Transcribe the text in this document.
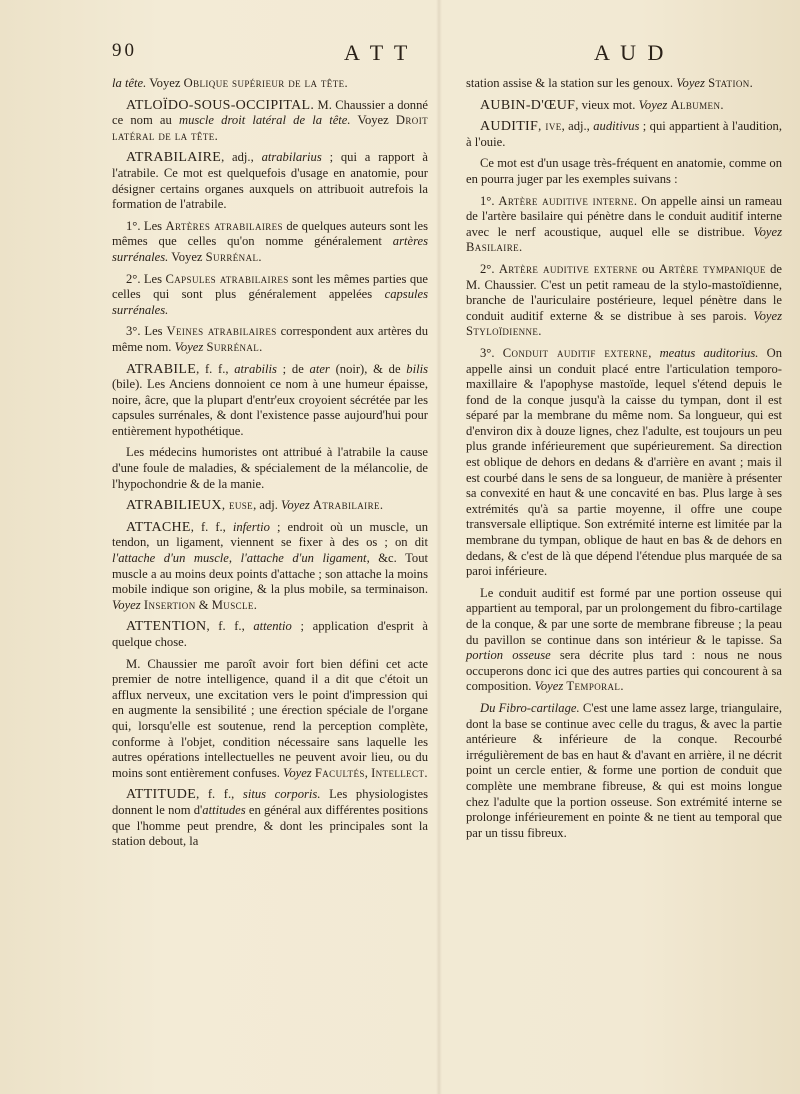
90	A T T	A U D

la tête. Voyez Oblique supérieur de la tête.

ATLOÏDO-SOUS-OCCIPITAL. M. Chaussier a donné ce nom au muscle droit latéral de la tête. Voyez Droit latéral de la tête.

ATRABILAIRE, adj., atrabilarius ; qui a rapport à l'atrabile. Ce mot est quelquefois d'usage en anatomie, pour désigner certains organes auxquels on attribuoit autrefois la formation de l'atrabile.

1°. Les Artères atrabilaires de quelques auteurs sont les mêmes que celles qu'on nomme généralement artères surrénales. Voyez Surrénal.

2°. Les Capsules atrabilaires sont les mêmes parties que celles qui sont plus généralement appelées capsules surrénales.

3°. Les Veines atrabilaires correspondent aux artères du même nom. Voyez Surrénal.

ATRABILE, f. f., atrabilis ; de ater (noir), & de bilis (bile). Les Anciens donnoient ce nom à une humeur épaisse, noire, âcre, que la plupart d'entr'eux croyoient sécrétée par les capsules surrénales, & dont l'existence passe aujourd'hui pour entièrement hypothétique.

Les médecins humoristes ont attribué à l'atrabile la cause d'une foule de maladies, & spécialement de la mélancolie, de l'hypochondrie & de la manie.

ATRABILIEUX, euse, adj. Voyez Atrabilaire.

ATTACHE, f. f., infertio ; endroit où un muscle, un tendon, un ligament, viennent se fixer à des os ; on dit l'attache d'un muscle, l'attache d'un ligament, &c. Tout muscle a au moins deux points d'attache ; son attache la moins mobile indique son origine, & la plus mobile, sa terminaison. Voyez Insertion & Muscle.

ATTENTION, f. f., attentio ; application d'esprit à quelque chose.

M. Chaussier me paroît avoir fort bien défini cet acte premier de notre intelligence, quand il a dit que c'étoit un afflux nerveux, une excitation vers le point d'impression qui en augmente la sensibilité ; une érection spéciale de l'organe qui, lorsqu'elle est soutenue, rend la perception complète, conforme à l'objet, condition nécessaire sans laquelle les autres opérations intellectuelles ne peuvent avoir lieu, ou du moins sont entièrement confuses. Voyez Facultés, Intellect.

ATTITUDE, f. f., situs corporis. Les physiologistes donnent le nom d'attitudes en général aux différentes positions que l'homme peut prendre, & dont les principales sont la station debout, la

station assise & la station sur les genoux. Voyez Station.

AUBIN-D'ŒUF, vieux mot. Voyez Albumen.

AUDITIF, ive, adj., auditivus ; qui appartient à l'audition, à l'ouie.

Ce mot est d'un usage très-fréquent en anatomie, comme on en pourra juger par les exemples suivans :

1°. Artère auditive interne. On appelle ainsi un rameau de l'artère basilaire qui pénètre dans le conduit auditif interne avec le nerf acoustique, auquel elle se distribue. Voyez Basilaire.

2°. Artère auditive externe ou Artère tympanique de M. Chaussier. C'est un petit rameau de la stylo-mastoïdienne, branche de l'auriculaire postérieure, lequel pénètre dans le conduit auditif externe & se distribue à ses parois. Voyez Styloïdienne.

3°. Conduit auditif externe, meatus auditorius. On appelle ainsi un conduit placé entre l'articulation temporo-maxillaire & l'apophyse mastoïde, lequel s'étend depuis le fond de la conque jusqu'à la caisse du tympan, dont il est séparé par la membrane du même nom. Sa longueur, qui est d'environ dix à douze lignes, chez l'adulte, est toujours un peu plus grande inférieurement que supérieurement. Sa direction est oblique de dehors en dedans & d'arrière en avant ; mais il est courbé dans le sens de sa longueur, de manière à présenter sa convexité en haut & une concavité en bas. Plus large à ses extrémités qu'à sa partie moyenne, il offre une coupe transversale elliptique. Son extrémité interne est limitée par la membrane du tympan, oblique de haut en bas & de dehors en dedans, & c'est de là que dépend l'étendue plus marquée de sa paroi inférieure.

Le conduit auditif est formé par une portion osseuse qui appartient au temporal, par un prolongement du fibro-cartilage de la conque, & par une sorte de membrane fibreuse ; la peau du pavillon se continue dans son intérieur & le tapisse. Sa portion osseuse sera décrite plus tard : nous ne nous occuperons donc ici que des autres parties qui concourent à sa composition. Voyez Temporal.

Du Fibro-cartilage. C'est une lame assez large, triangulaire, dont la base se continue avec celle du tragus, & avec la partie antérieure & inférieure de la conque. Recourbé irrégulièrement de bas en haut & d'avant en arrière, il ne décrit point un cercle entier, & forme une portion de conduit que complète une membrane fibreuse, & qui est moins longue chez l'adulte que la portion osseuse. Son extrémité interne se prolonge inférieurement en pointe & ne tient au temporal que par un tissu fibreux.
